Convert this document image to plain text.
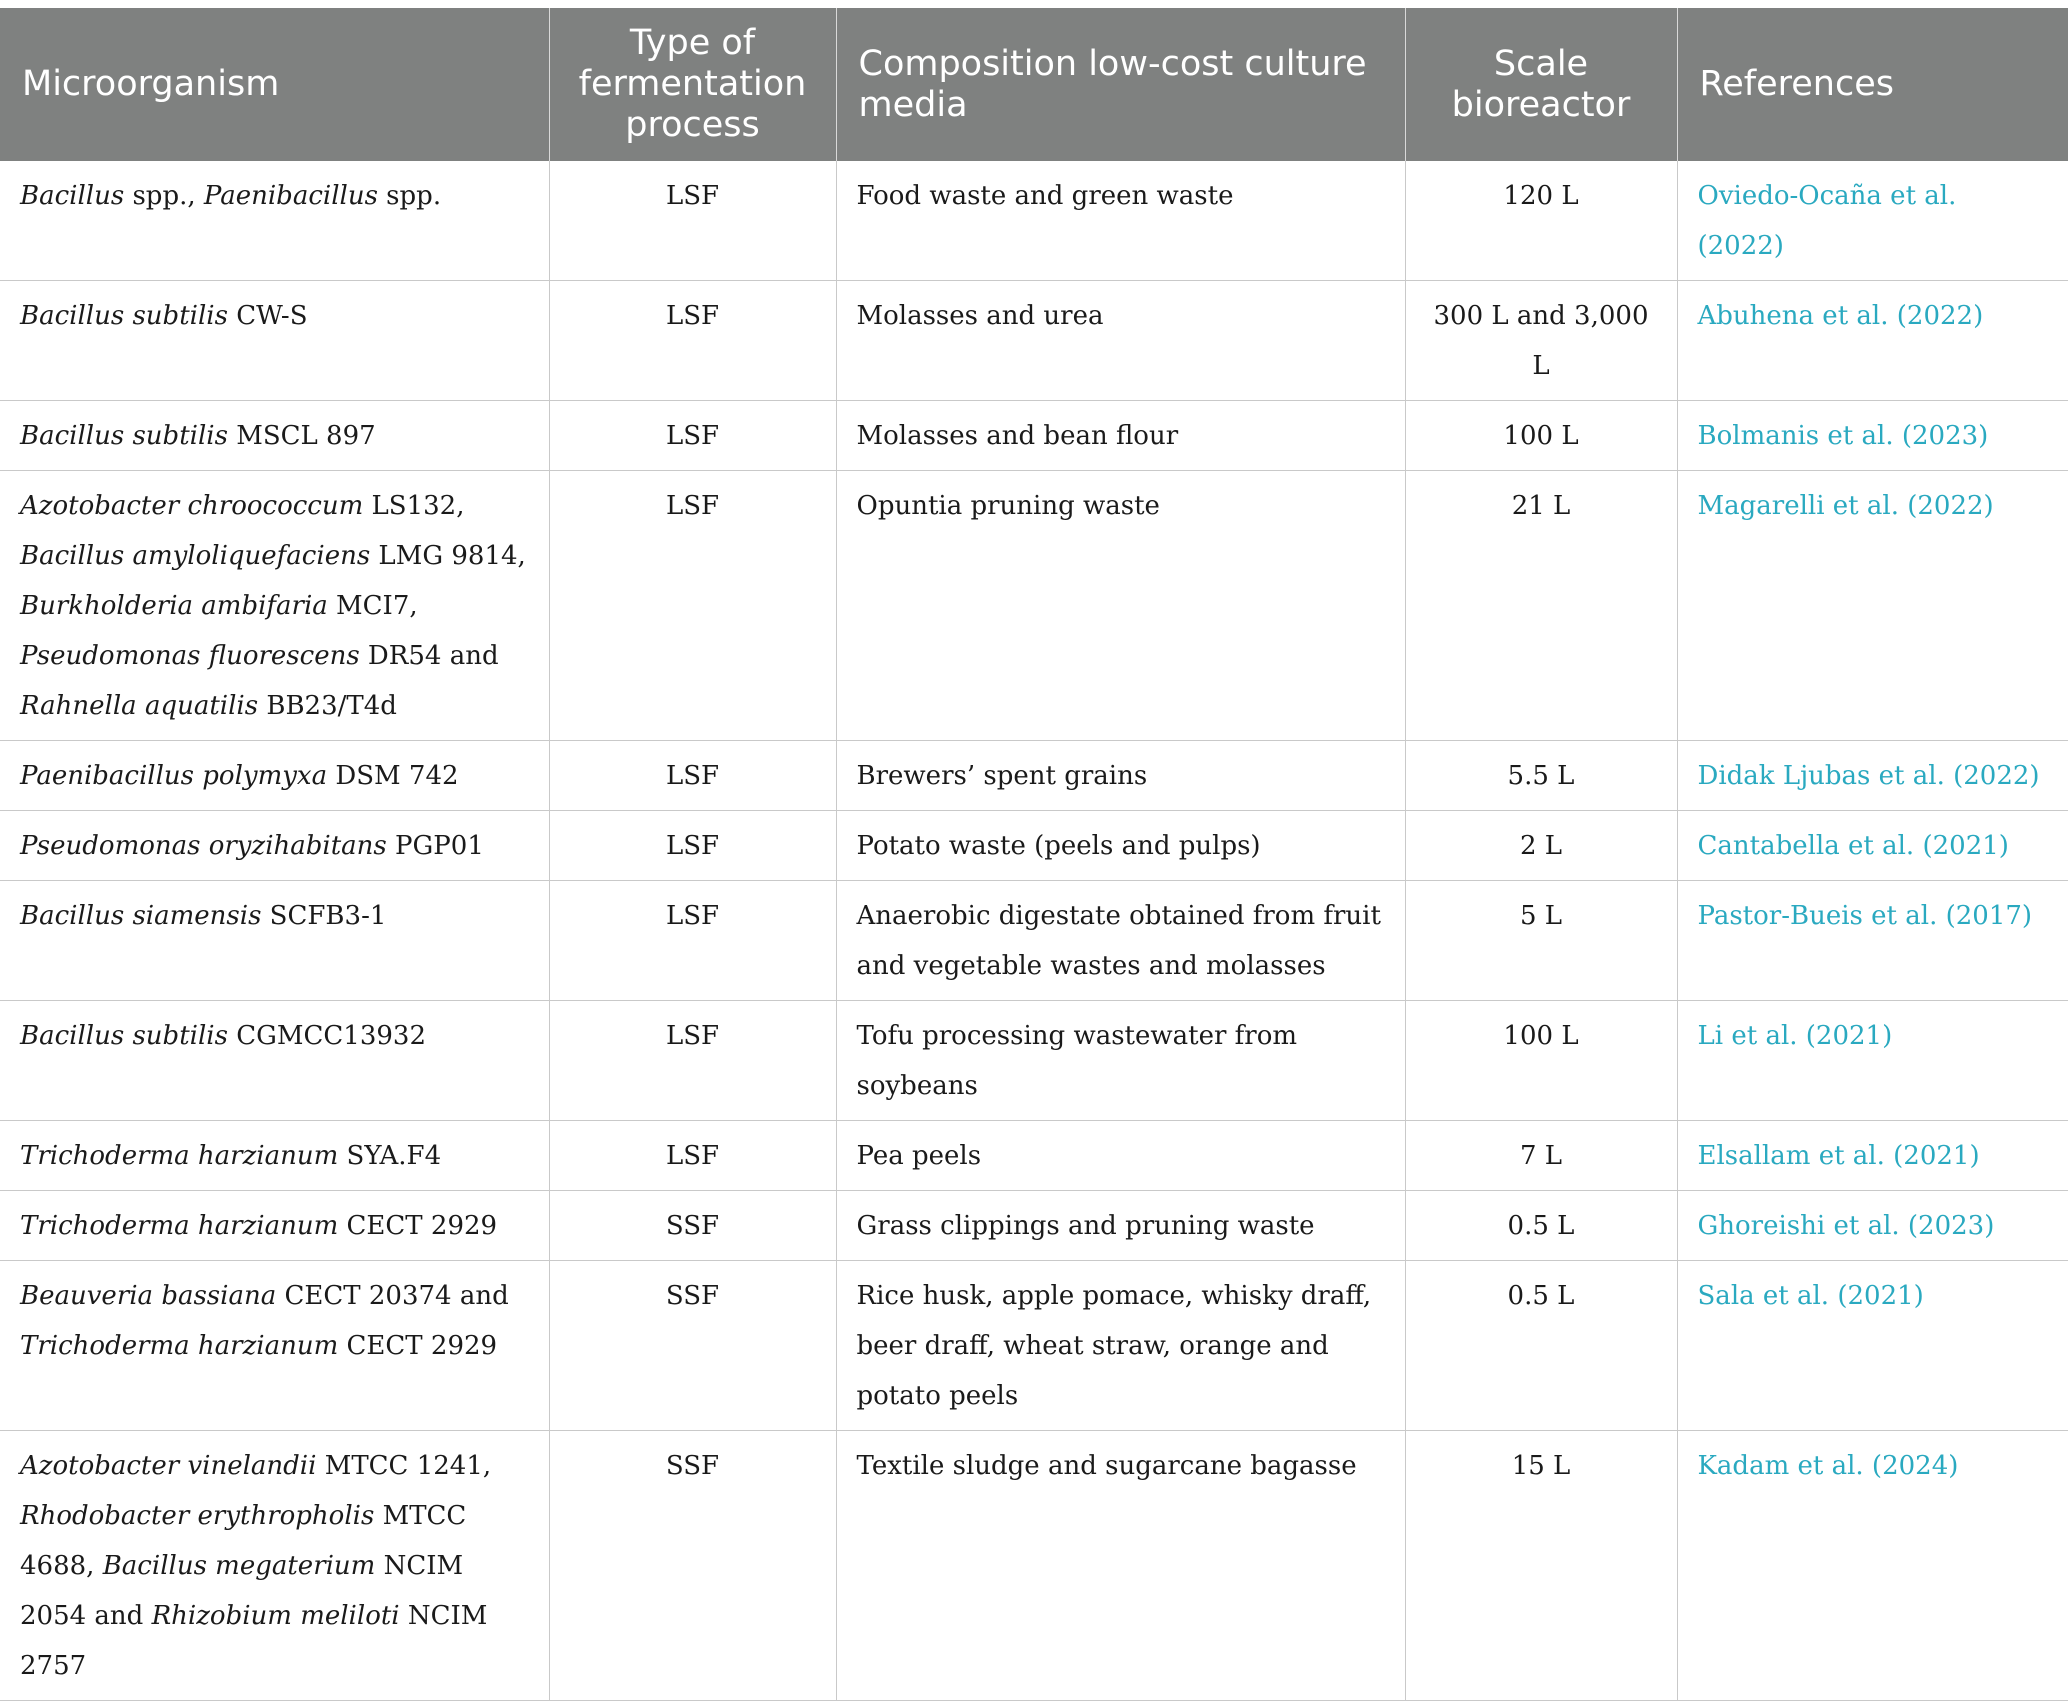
Microorganism	Type of fermentation process	Composition low-cost culture media	Scale bioreactor	References
Bacillus spp., Paenibacillus spp.	LSF	Food waste and green waste	120 L	Oviedo-Ocaña et al. (2022)
Bacillus subtilis CW-S	LSF	Molasses and urea	300 L and 3,000 L	Abuhena et al. (2022)
Bacillus subtilis MSCL 897	LSF	Molasses and bean flour	100 L	Bolmanis et al. (2023)
Azotobacter chroococcum LS132, Bacillus amyloliquefaciens LMG 9814, Burkholderia ambifaria MCI7, Pseudomonas fluorescens DR54 and Rahnella aquatilis BB23/T4d	LSF	Opuntia pruning waste	21 L	Magarelli et al. (2022)
Paenibacillus polymyxa DSM 742	LSF	Brewers’ spent grains	5.5 L	Didak Ljubas et al. (2022)
Pseudomonas oryzihabitans PGP01	LSF	Potato waste (peels and pulps)	2 L	Cantabella et al. (2021)
Bacillus siamensis SCFB3-1	LSF	Anaerobic digestate obtained from fruit and vegetable wastes and molasses	5 L	Pastor-Bueis et al. (2017)
Bacillus subtilis CGMCC13932	LSF	Tofu processing wastewater from soybeans	100 L	Li et al. (2021)
Trichoderma harzianum SYA.F4	LSF	Pea peels	7 L	Elsallam et al. (2021)
Trichoderma harzianum CECT 2929	SSF	Grass clippings and pruning waste	0.5 L	Ghoreishi et al. (2023)
Beauveria bassiana CECT 20374 and Trichoderma harzianum CECT 2929	SSF	Rice husk, apple pomace, whisky draff, beer draff, wheat straw, orange and potato peels	0.5 L	Sala et al. (2021)
Azotobacter vinelandii MTCC 1241, Rhodobacter erythropholis MTCC 4688, Bacillus megaterium NCIM 2054 and Rhizobium meliloti NCIM 2757	SSF	Textile sludge and sugarcane bagasse	15 L	Kadam et al. (2024)
